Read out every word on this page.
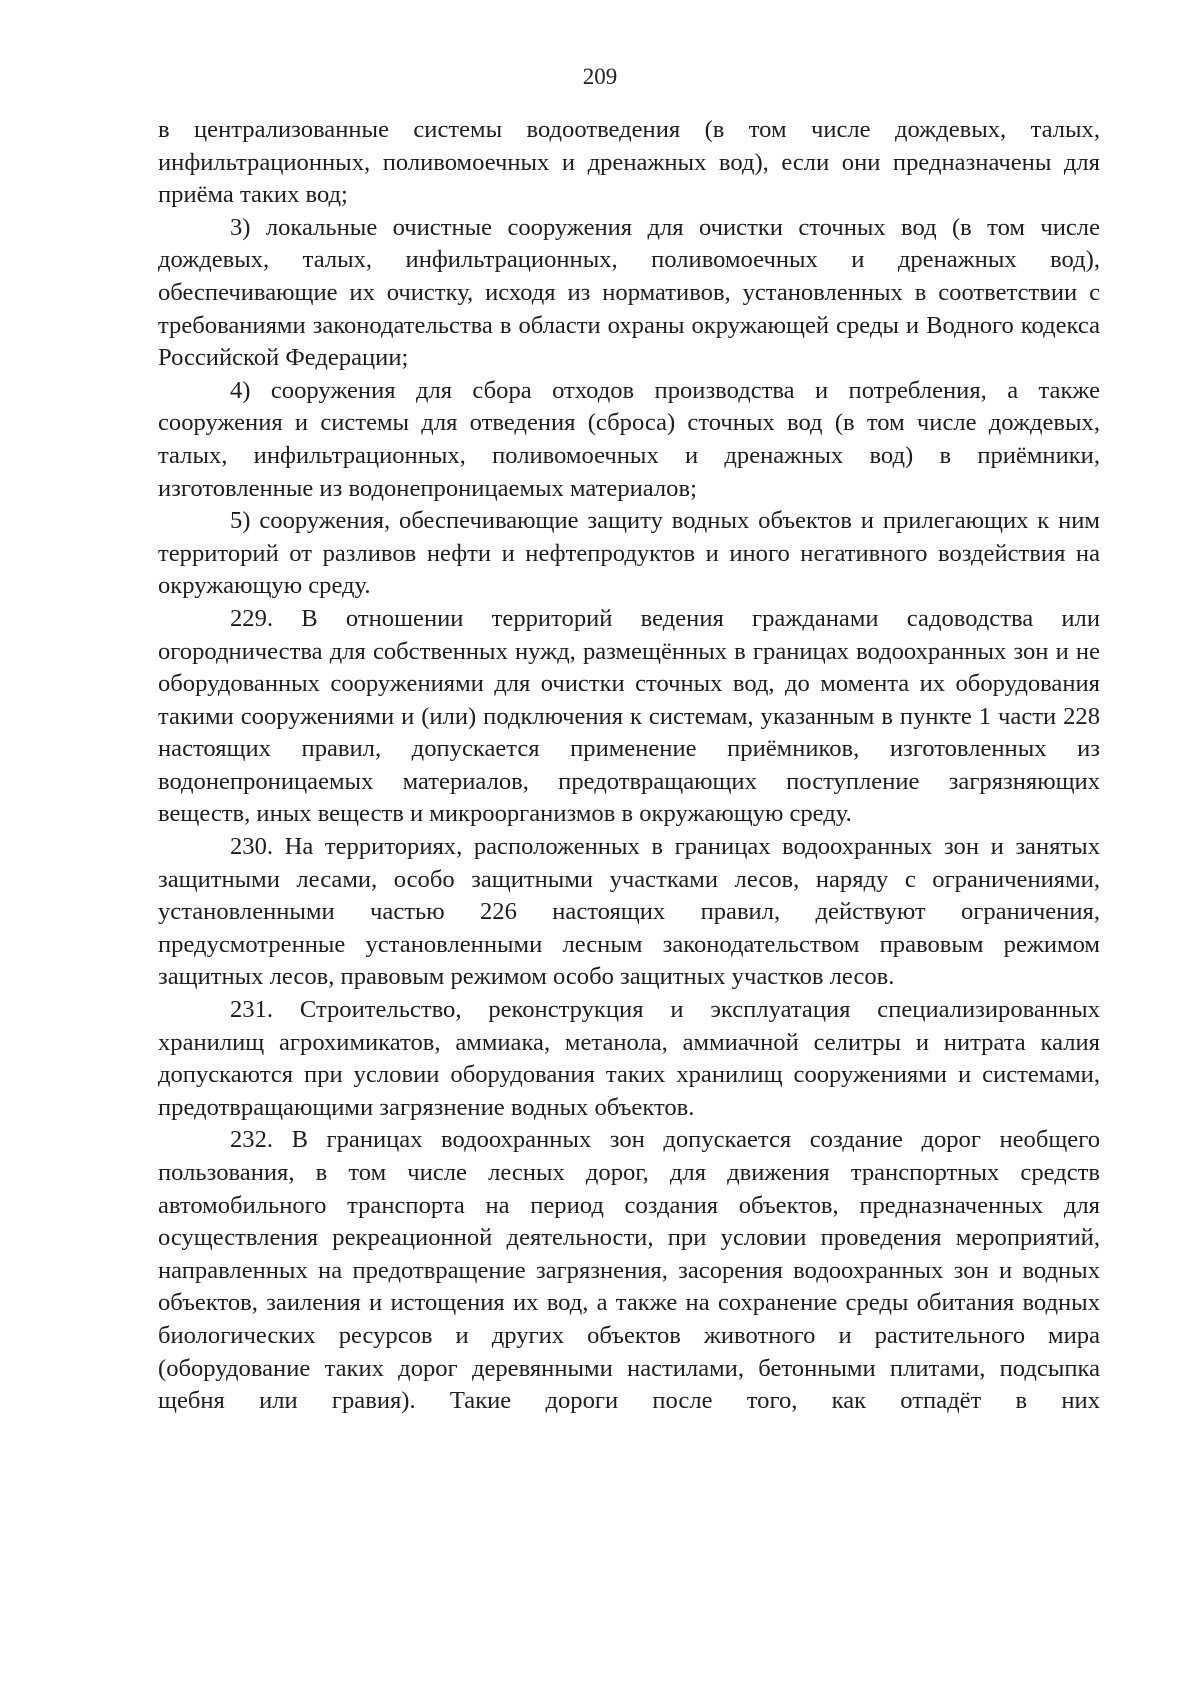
209

в централизованные системы водоотведения (в том числе дождевых, талых, инфильтрационных, поливомоечных и дренажных вод), если они предназначены для приёма таких вод;

3) локальные очистные сооружения для очистки сточных вод (в том числе дождевых, талых, инфильтрационных, поливомоечных и дренажных вод), обеспечивающие их очистку, исходя из нормативов, установленных в соответствии с требованиями законодательства в области охраны окружающей среды и Водного кодекса Российской Федерации;

4) сооружения для сбора отходов производства и потребления, а также сооружения и системы для отведения (сброса) сточных вод (в том числе дождевых, талых, инфильтрационных, поливомоечных и дренажных вод) в приёмники, изготовленные из водонепроницаемых материалов;

5) сооружения, обеспечивающие защиту водных объектов и прилегающих к ним территорий от разливов нефти и нефтепродуктов и иного негативного воздействия на окружающую среду.

229. В отношении территорий ведения гражданами садоводства или огородничества для собственных нужд, размещённых в границах водоохранных зон и не оборудованных сооружениями для очистки сточных вод, до момента их оборудования такими сооружениями и (или) подключения к системам, указанным в пункте 1 части 228 настоящих правил, допускается применение приёмников, изготовленных из водонепроницаемых материалов, предотвращающих поступление загрязняющих веществ, иных веществ и микроорганизмов в окружающую среду.

230. На территориях, расположенных в границах водоохранных зон и занятых защитными лесами, особо защитными участками лесов, наряду с ограничениями, установленными частью 226 настоящих правил, действуют ограничения, предусмотренные установленными лесным законодательством правовым режимом защитных лесов, правовым режимом особо защитных участков лесов.

231. Строительство, реконструкция и эксплуатация специализированных хранилищ агрохимикатов, аммиака, метанола, аммиачной селитры и нитрата калия допускаются при условии оборудования таких хранилищ сооружениями и системами, предотвращающими загрязнение водных объектов.

232. В границах водоохранных зон допускается создание дорог необщего пользования, в том числе лесных дорог, для движения транспортных средств автомобильного транспорта на период создания объектов, предназначенных для осуществления рекреационной деятельности, при условии проведения мероприятий, направленных на предотвращение загрязнения, засорения водоохранных зон и водных объектов, заиления и истощения их вод, а также на сохранение среды обитания водных биологических ресурсов и других объектов животного и растительного мира (оборудование таких дорог деревянными настилами, бетонными плитами, подсыпка щебня или гравия). Такие дороги после того, как отпадёт в них
